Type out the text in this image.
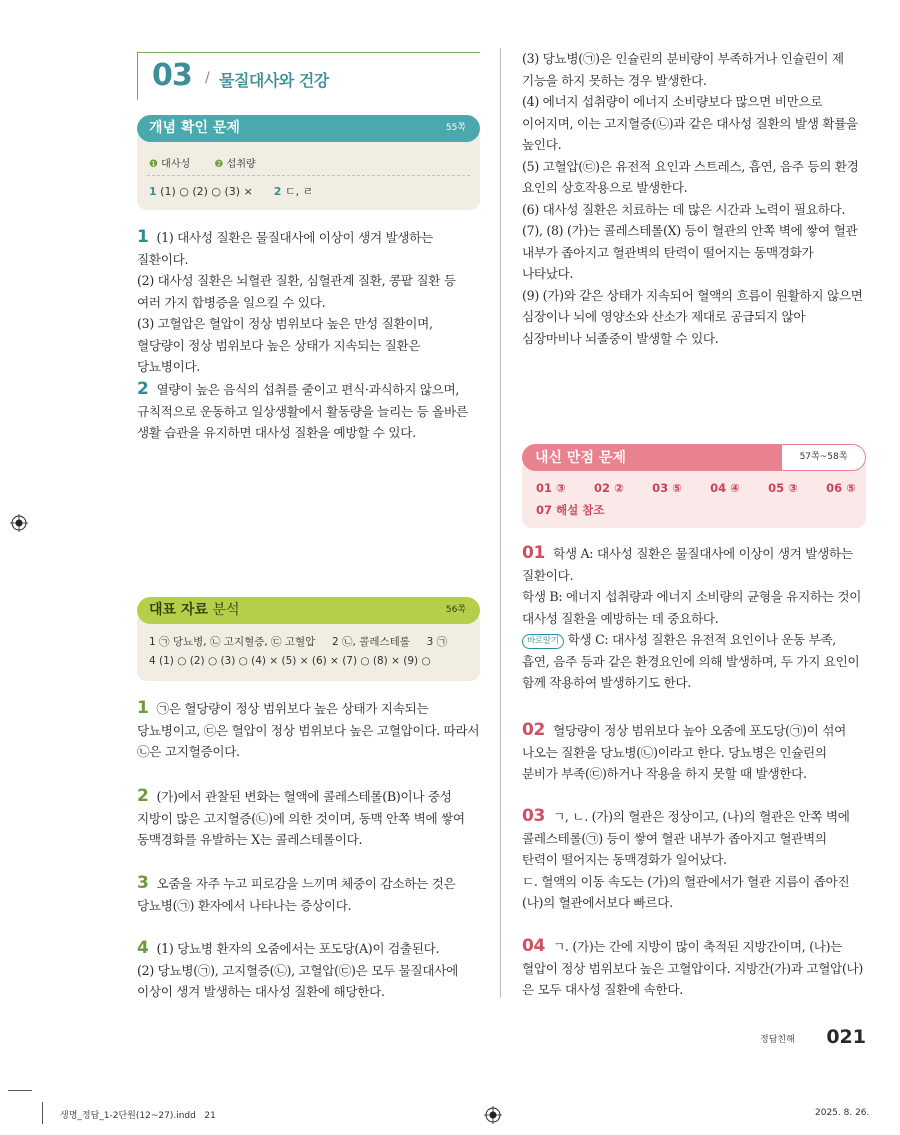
03 / 물질대사와 건강
개념 확인 문제	55쪽
❶ 대사성 ❷ 섭취량
1 (1) ○ (2) ○ (3) × 2 ㄷ, ㄹ

1 (1) 대사성 질환은 물질대사에 이상이 생겨 발생하는 질환이다.

(2) 대사성 질환은 뇌혈관 질환, 심혈관계 질환, 콩팥 질환 등 여러 가지 합병증을 일으킬 수 있다.

(3) 고혈압은 혈압이 정상 범위보다 높은 만성 질환이며, 혈당량이 정상 범위보다 높은 상태가 지속되는 질환은 당뇨병이다.

2 열량이 높은 음식의 섭취를 줄이고 편식·과식하지 않으며, 규칙적으로 운동하고 일상생활에서 활동량을 늘리는 등 올바른 생활 습관을 유지하면 대사성 질환을 예방할 수 있다.

대표 자료 분석	56쪽
1 ㉠ 당뇨병, ㉡ 고지혈증, ㉢ 고혈압     2 ㉡, 콜레스테롤     3 ㉠
4 (1) ○ (2) ○ (3) ○ (4) × (5) × (6) × (7) ○ (8) × (9) ○

1 ㉠은 혈당량이 정상 범위보다 높은 상태가 지속되는 당뇨병이고, ㉢은 혈압이 정상 범위보다 높은 고혈압이다. 따라서 ㉡은 고지혈증이다.

2 (가)에서 관찰된 변화는 혈액에 콜레스테롤(B)이나 중성 지방이 많은 고지혈증(㉡)에 의한 것이며, 동맥 안쪽 벽에 쌓여 동맥경화를 유발하는 X는 콜레스테롤이다.

3 오줌을 자주 누고 피로감을 느끼며 체중이 감소하는 것은 당뇨병(㉠) 환자에서 나타나는 증상이다.

4 (1) 당뇨병 환자의 오줌에서는 포도당(A)이 검출된다.

(2) 당뇨병(㉠), 고지혈증(㉡), 고혈압(㉢)은 모두 물질대사에 이상이 생겨 발생하는 대사성 질환에 해당한다.

(3) 당뇨병(㉠)은 인슐린의 분비량이 부족하거나 인슐린이 제 기능을 하지 못하는 경우 발생한다.

(4) 에너지 섭취량이 에너지 소비량보다 많으면 비만으로 이어지며, 이는 고지혈증(㉡)과 같은 대사성 질환의 발생 확률을 높인다.

(5) 고혈압(㉢)은 유전적 요인과 스트레스, 흡연, 음주 등의 환경 요인의 상호작용으로 발생한다.

(6) 대사성 질환은 치료하는 데 많은 시간과 노력이 필요하다.

(7), (8) (가)는 콜레스테롤(X) 등이 혈관의 안쪽 벽에 쌓여 혈관 내부가 좁아지고 혈관벽의 탄력이 떨어지는 동맥경화가 나타났다.

(9) (가)와 같은 상태가 지속되어 혈액의 흐름이 원활하지 않으면 심장이나 뇌에 영양소와 산소가 제대로 공급되지 않아 심장마비나 뇌졸중이 발생할 수 있다.

내신 만점 문제	57쪽~58쪽
01 ③ 02 ② 03 ⑤ 04 ④ 05 ③ 06 ⑤
07 해설 참조

01 학생 A: 대사성 질환은 물질대사에 이상이 생겨 발생하는 질환이다.

학생 B: 에너지 섭취량과 에너지 소비량의 균형을 유지하는 것이 대사성 질환을 예방하는 데 중요하다.

바로알기 학생 C: 대사성 질환은 유전적 요인이나 운동 부족, 흡연, 음주 등과 같은 환경요인에 의해 발생하며, 두 가지 요인이 함께 작용하여 발생하기도 한다.

02 혈당량이 정상 범위보다 높아 오줌에 포도당(㉠)이 섞여 나오는 질환을 당뇨병(㉡)이라고 한다. 당뇨병은 인슐린의 분비가 부족(㉢)하거나 작용을 하지 못할 때 발생한다.

03 ㄱ, ㄴ. (가)의 혈관은 정상이고, (나)의 혈관은 안쪽 벽에 콜레스테롤(㉠) 등이 쌓여 혈관 내부가 좁아지고 혈관벽의 탄력이 떨어지는 동맥경화가 일어났다.

ㄷ. 혈액의 이동 속도는 (가)의 혈관에서가 혈관 지름이 좁아진 (나)의 혈관에서보다 빠르다.

04 ㄱ. (가)는 간에 지방이 많이 축적된 지방간이며, (나)는 혈압이 정상 범위보다 높은 고혈압이다. 지방간(가)과 고혈압(나)은 모두 대사성 질환에 속한다.

정답친해 021
생명_정답_1-2단원(12~27).indd   21	2025. 8. 26.
